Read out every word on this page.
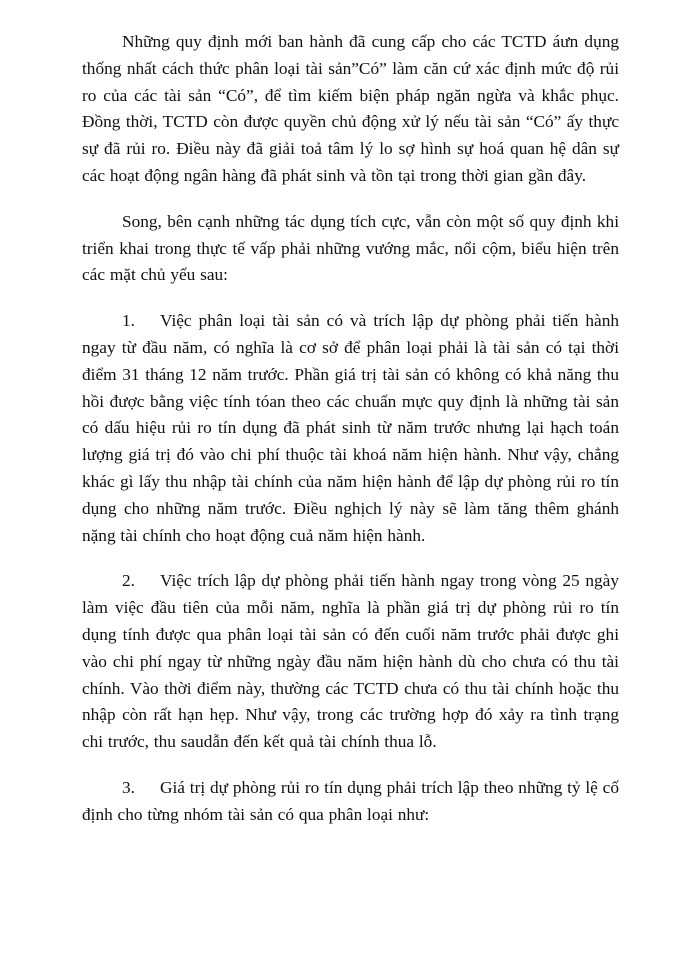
Những quy định mới ban hành đã cung cấp cho các TCTD áưn dụng thống nhất cách thức phân loại tài sản”Có” làm căn cứ xác định mức độ rủi ro của các tài sản “Có”, để tìm kiếm biện pháp ngăn ngừa và khắc phục. Đồng thời, TCTD còn được quyền chủ động xử lý nếu tài sản “Có” ấy thực sự đã rủi ro. Điều này đã giải toả tâm lý lo sợ hình sự hoá quan hệ dân sự các hoạt động ngân hàng đã phát sinh và tồn tại trong thời gian gần đây.

Song, bên cạnh những tác dụng tích cực, vẫn còn một số quy định khi triển khai trong thực tế vấp phải những vướng mắc, nổi cộm, biểu hiện trên các mặt chủ yếu sau:

1. Việc phân loại tài sản có và trích lập dự phòng phải tiến hành ngay từ đầu năm, có nghĩa là cơ sở để phân loại phải là tài sản có tại thời điểm 31 tháng 12 năm trước. Phần giá trị tài sản có không có khả năng thu hồi được bằng việc tính tóan theo các chuẩn mực quy định là những tài sản có dấu hiệu rủi ro tín dụng đã phát sinh từ năm trước nhưng lại hạch toán lượng giá trị đó vào chi phí thuộc tài khoá năm hiện hành. Như vậy, chẳng khác gì lấy thu nhập tài chính của năm hiện hành để lập dự phòng rủi ro tín dụng cho những năm trước. Điều nghịch lý này sẽ làm tăng thêm ghánh nặng tài chính cho hoạt động cuả năm hiện hành.

2. Việc trích lập dự phòng phải tiến hành ngay trong vòng 25 ngày làm việc đầu tiên của mỗi năm, nghĩa là phần giá trị dự phòng rủi ro tín dụng tính được qua phân loại tài sản có đến cuối năm trước phải được ghi vào chi phí ngay từ những ngày đầu năm hiện hành dù cho chưa có thu tài chính. Vào thời điểm này, thường các TCTD chưa có thu tài chính hoặc thu nhập còn rất hạn hẹp. Như vậy, trong các trường hợp đó xảy ra tình trạng chi trước, thu saudẫn đến kết quả tài chính thua lỗ.

3. Giá trị dự phòng rủi ro tín dụng phải trích lập theo những tỷ lệ cố định cho từng nhóm tài sản có qua phân loại như:
